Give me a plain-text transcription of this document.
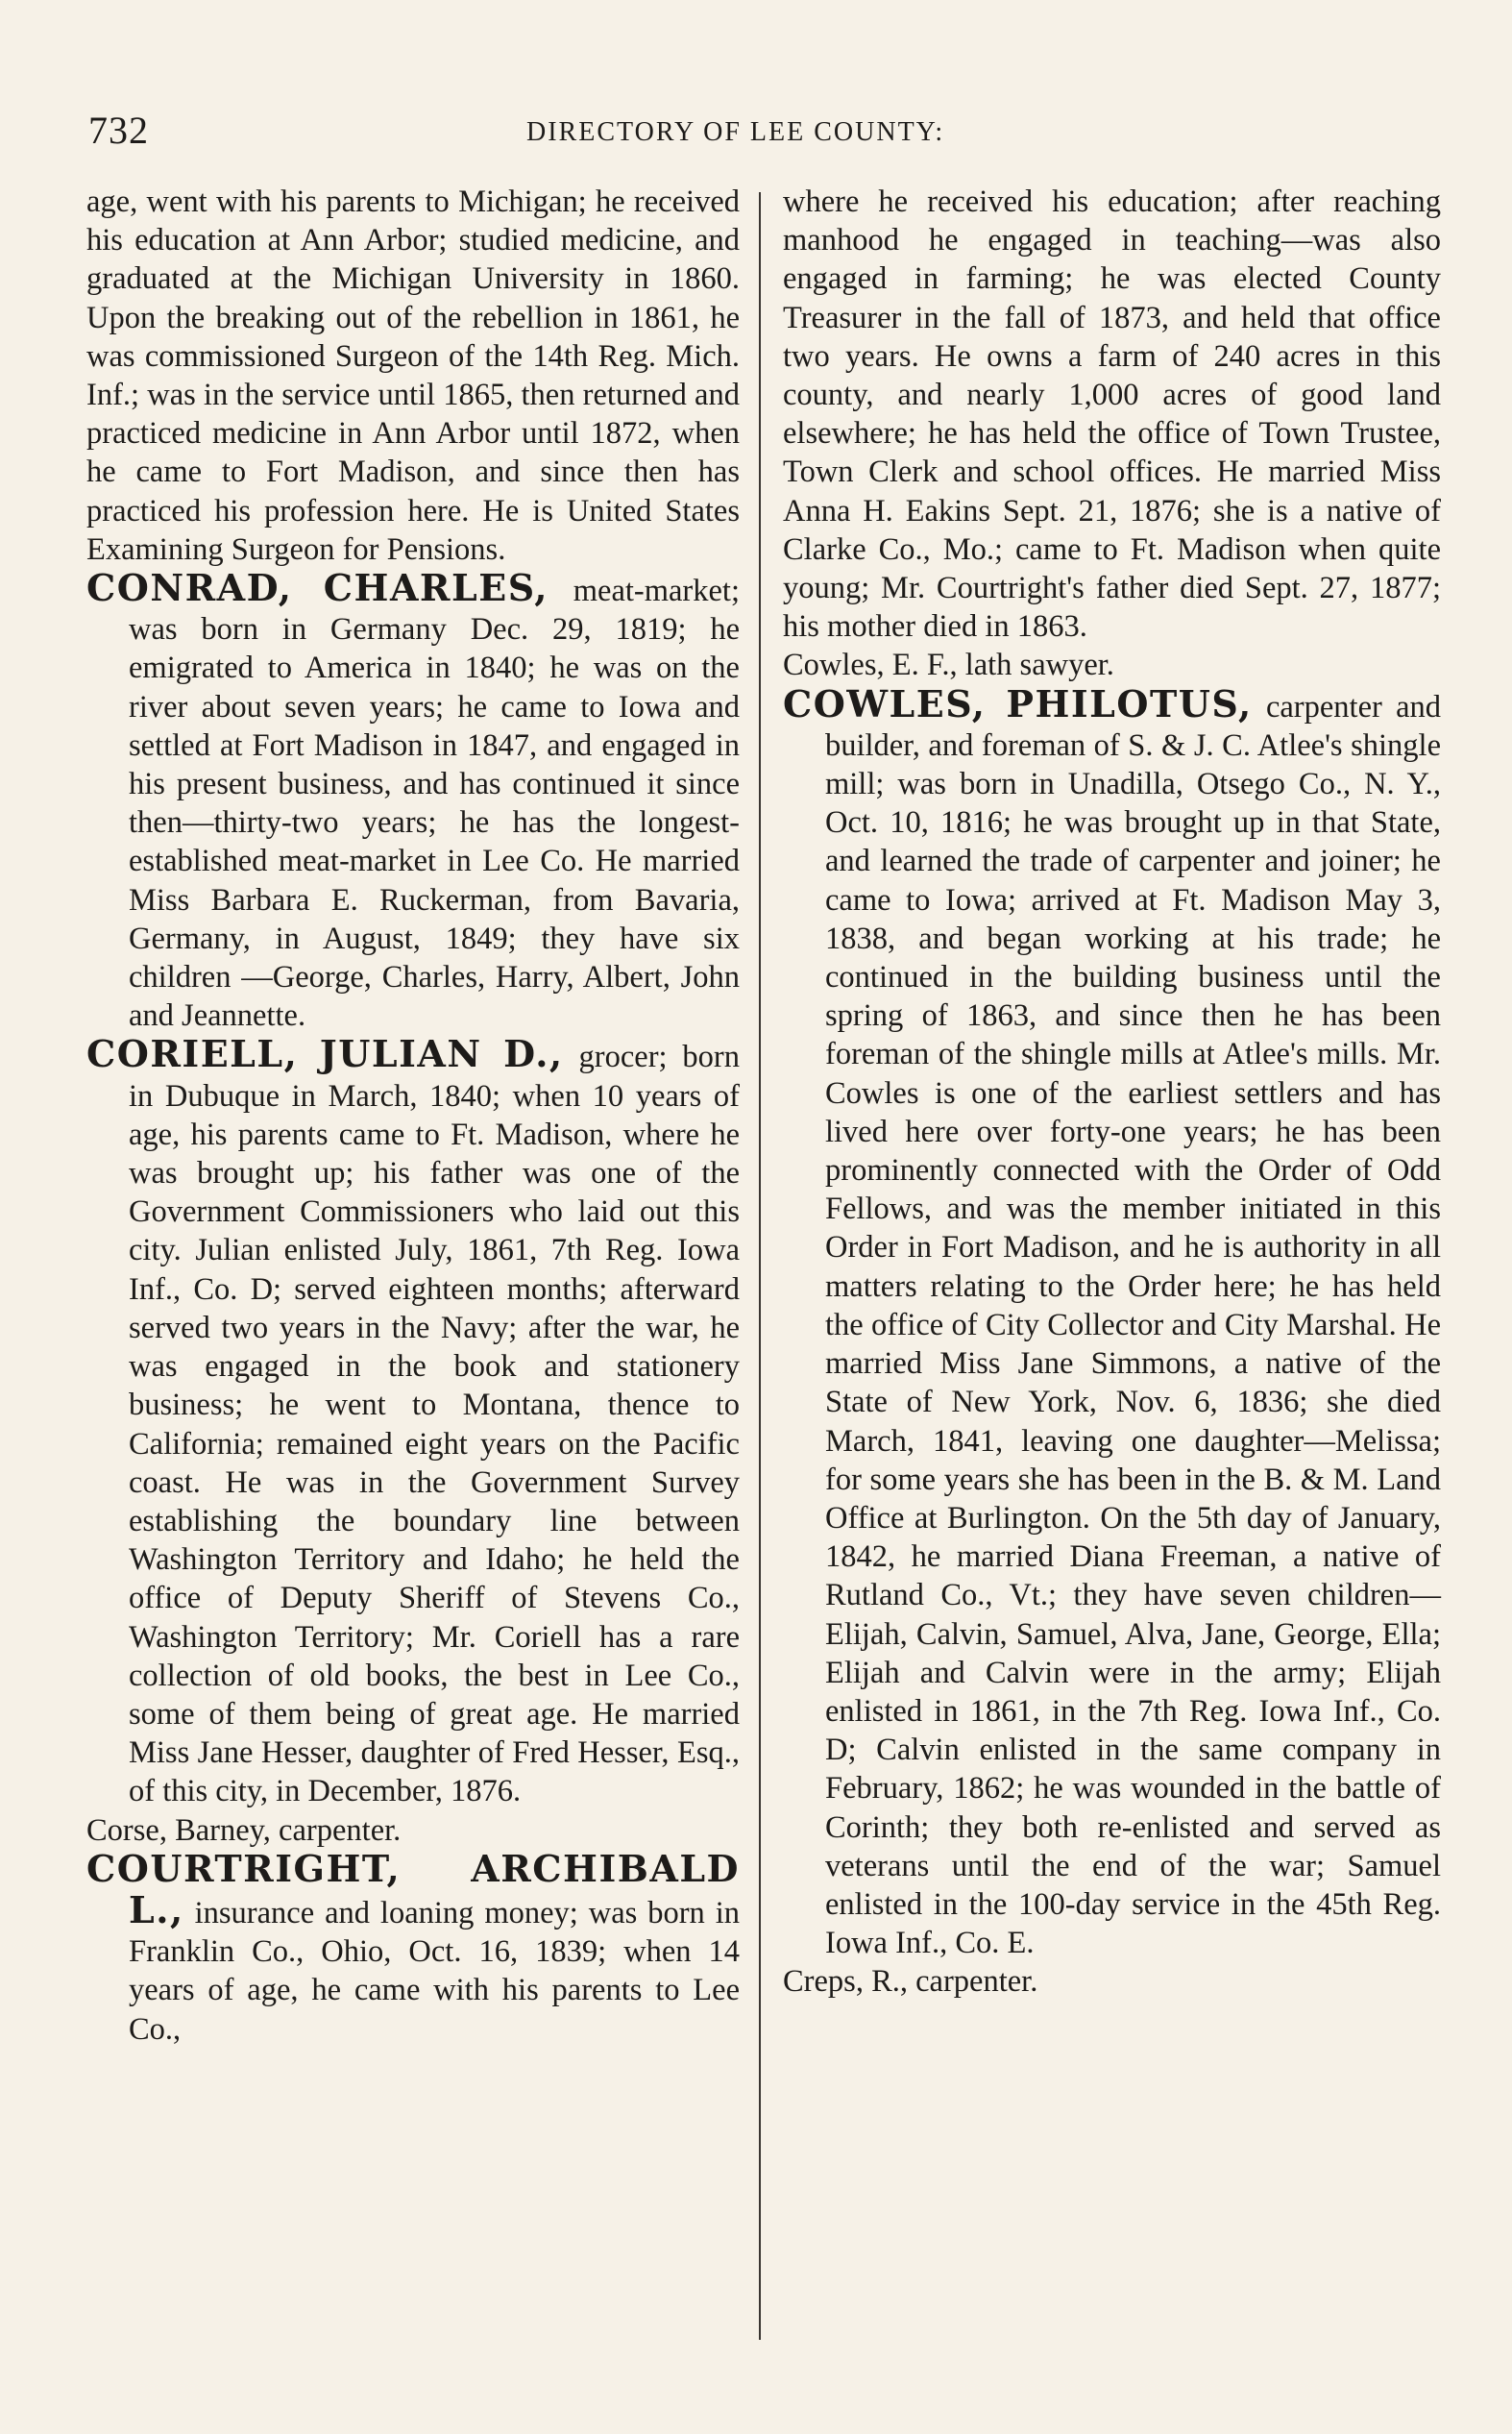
732	DIRECTORY OF LEE COUNTY:

age, went with his parents to Michigan; he received his education at Ann Arbor; studied medicine, and graduated at the Michigan University in 1860. Upon the breaking out of the rebellion in 1861, he was commissioned Surgeon of the 14th Reg. Mich. Inf.; was in the service until 1865, then returned and practiced medicine in Ann Arbor until 1872, when he came to Fort Madison, and since then has practiced his profession here. He is United States Examining Surgeon for Pensions.

CONRAD, CHARLES, meat-market; was born in Germany Dec. 29, 1819; he emigrated to America in 1840; he was on the river about seven years; he came to Iowa and settled at Fort Madison in 1847, and engaged in his present business, and has continued it since then—thirty-two years; he has the longest-established meat-market in Lee Co. He married Miss Barbara E. Ruckerman, from Bavaria, Germany, in August, 1849; they have six children —George, Charles, Harry, Albert, John and Jeannette.

CORIELL, JULIAN D., grocer; born in Dubuque in March, 1840; when 10 years of age, his parents came to Ft. Madison, where he was brought up; his father was one of the Government Commissioners who laid out this city. Julian enlisted July, 1861, 7th Reg. Iowa Inf., Co. D; served eighteen months; afterward served two years in the Navy; after the war, he was engaged in the book and stationery business; he went to Montana, thence to California; remained eight years on the Pacific coast. He was in the Government Survey establishing the boundary line between Washington Territory and Idaho; he held the office of Deputy Sheriff of Stevens Co., Washington Territory; Mr. Coriell has a rare collection of old books, the best in Lee Co., some of them being of great age. He married Miss Jane Hesser, daughter of Fred Hesser, Esq., of this city, in December, 1876.

Corse, Barney, carpenter.

COURTRIGHT, ARCHIBALD L., insurance and loaning money; was born in Franklin Co., Ohio, Oct. 16, 1839; when 14 years of age, he came with his parents to Lee Co.,

where he received his education; after reaching manhood he engaged in teaching—was also engaged in farming; he was elected County Treasurer in the fall of 1873, and held that office two years. He owns a farm of 240 acres in this county, and nearly 1,000 acres of good land elsewhere; he has held the office of Town Trustee, Town Clerk and school offices. He married Miss Anna H. Eakins Sept. 21, 1876; she is a native of Clarke Co., Mo.; came to Ft. Madison when quite young; Mr. Courtright's father died Sept. 27, 1877; his mother died in 1863.

Cowles, E. F., lath sawyer.

COWLES, PHILOTUS, carpenter and builder, and foreman of S. & J. C. Atlee's shingle mill; was born in Unadilla, Otsego Co., N. Y., Oct. 10, 1816; he was brought up in that State, and learned the trade of carpenter and joiner; he came to Iowa; arrived at Ft. Madison May 3, 1838, and began working at his trade; he continued in the building business until the spring of 1863, and since then he has been foreman of the shingle mills at Atlee's mills. Mr. Cowles is one of the earliest settlers and has lived here over forty-one years; he has been prominently connected with the Order of Odd Fellows, and was the member initiated in this Order in Fort Madison, and he is authority in all matters relating to the Order here; he has held the office of City Collector and City Marshal. He married Miss Jane Simmons, a native of the State of New York, Nov. 6, 1836; she died March, 1841, leaving one daughter—Melissa; for some years she has been in the B. & M. Land Office at Burlington. On the 5th day of January, 1842, he married Diana Freeman, a native of Rutland Co., Vt.; they have seven children—Elijah, Calvin, Samuel, Alva, Jane, George, Ella; Elijah and Calvin were in the army; Elijah enlisted in 1861, in the 7th Reg. Iowa Inf., Co. D; Calvin enlisted in the same company in February, 1862; he was wounded in the battle of Corinth; they both re-enlisted and served as veterans until the end of the war; Samuel enlisted in the 100-day service in the 45th Reg. Iowa Inf., Co. E.

Creps, R., carpenter.
